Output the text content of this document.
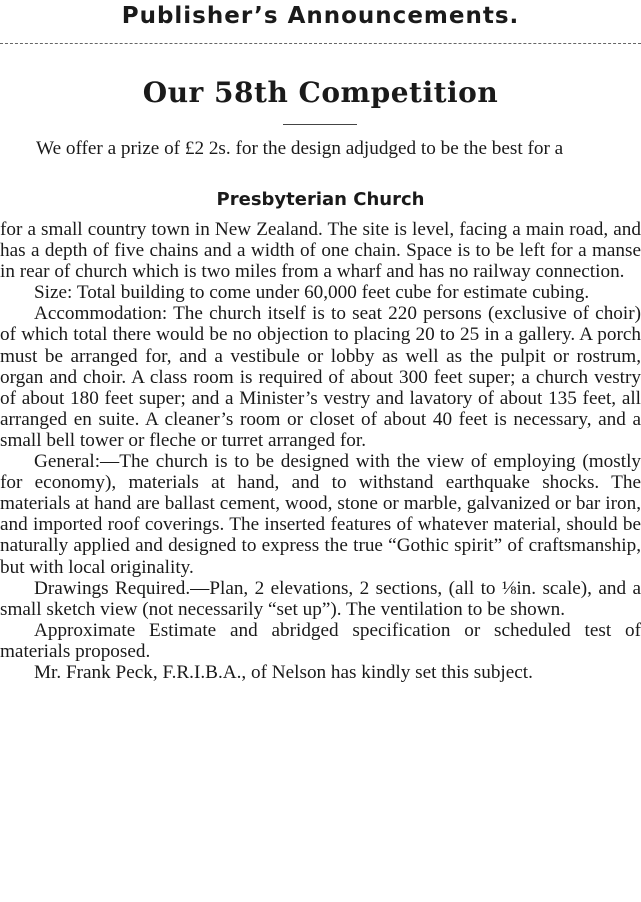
Publisher’s Announcements.
Our 58th Competition

We offer a prize of £2 2s. for the design adjudged to be the best for a

Presbyterian Church

for a small country town in New Zealand. The site is level, facing a main road, and has a depth of five chains and a width of one chain. Space is to be left for a manse in rear of church which is two miles from a wharf and has no railway connection.

Size: Total building to come under 60,000 feet cube for estimate cubing.

Accommodation: The church itself is to seat 220 persons (exclusive of choir) of which total there would be no objection to placing 20 to 25 in a gallery. A porch must be arranged for, and a vestibule or lobby as well as the pulpit or rostrum, organ and choir. A class room is required of about 300 feet super; a church vestry of about 180 feet super; and a Minister’s vestry and lavatory of about 135 feet, all arranged en suite. A cleaner’s room or closet of about 40 feet is necessary, and a small bell tower or fleche or turret arranged for.

General:—The church is to be designed with the view of employing (mostly for economy), materials at hand, and to withstand earthquake shocks. The materials at hand are ballast cement, wood, stone or marble, galvanized or bar iron, and imported roof coverings. The inserted features of whatever material, should be naturally applied and designed to express the true “Gothic spirit” of craftsmanship, but with local originality.

Drawings Required.—Plan, 2 elevations, 2 sections, (all to ⅛in. scale), and a small sketch view (not necessarily “set up”). The ventilation to be shown.

Approximate Estimate and abridged specification or scheduled test of materials proposed.

Mr. Frank Peck, F.R.I.B.A., of Nelson has kindly set this subject.
